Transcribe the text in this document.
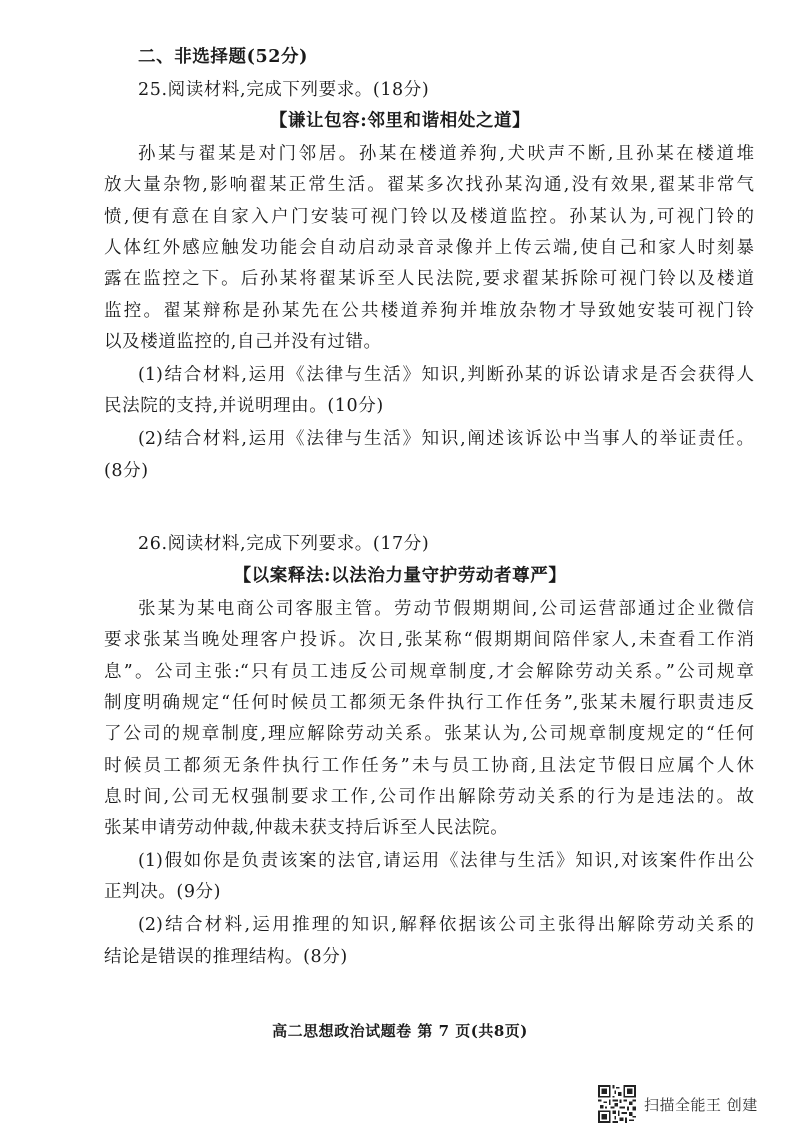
二、非选择题(52分)
25.阅读材料,完成下列要求。(18分)
【谦让包容:邻里和谐相处之道】
孙某与翟某是对门邻居。孙某在楼道养狗,犬吠声不断,且孙某在楼道堆
放大量杂物,影响翟某正常生活。翟某多次找孙某沟通,没有效果,翟某非常气
愤,便有意在自家入户门安装可视门铃以及楼道监控。孙某认为,可视门铃的
人体红外感应触发功能会自动启动录音录像并上传云端,使自己和家人时刻暴
露在监控之下。后孙某将翟某诉至人民法院,要求翟某拆除可视门铃以及楼道
监控。翟某辩称是孙某先在公共楼道养狗并堆放杂物才导致她安装可视门铃
以及楼道监控的,自己并没有过错。
(1)结合材料,运用《法律与生活》知识,判断孙某的诉讼请求是否会获得人
民法院的支持,并说明理由。(10分)
(2)结合材料,运用《法律与生活》知识,阐述该诉讼中当事人的举证责任。
(8分)
26.阅读材料,完成下列要求。(17分)
【以案释法:以法治力量守护劳动者尊严】
张某为某电商公司客服主管。劳动节假期期间,公司运营部通过企业微信
要求张某当晚处理客户投诉。次日,张某称“假期期间陪伴家人,未查看工作消
息”。公司主张:“只有员工违反公司规章制度,才会解除劳动关系。”公司规章
制度明确规定“任何时候员工都须无条件执行工作任务”,张某未履行职责违反
了公司的规章制度,理应解除劳动关系。张某认为,公司规章制度规定的“任何
时候员工都须无条件执行工作任务”未与员工协商,且法定节假日应属个人休
息时间,公司无权强制要求工作,公司作出解除劳动关系的行为是违法的。故
张某申请劳动仲裁,仲裁未获支持后诉至人民法院。
(1)假如你是负责该案的法官,请运用《法律与生活》知识,对该案件作出公
正判决。(9分)
(2)结合材料,运用推理的知识,解释依据该公司主张得出解除劳动关系的
结论是错误的推理结构。(8分)
高二思想政治试题卷 第 7 页(共8页)
扫描全能王 创建
